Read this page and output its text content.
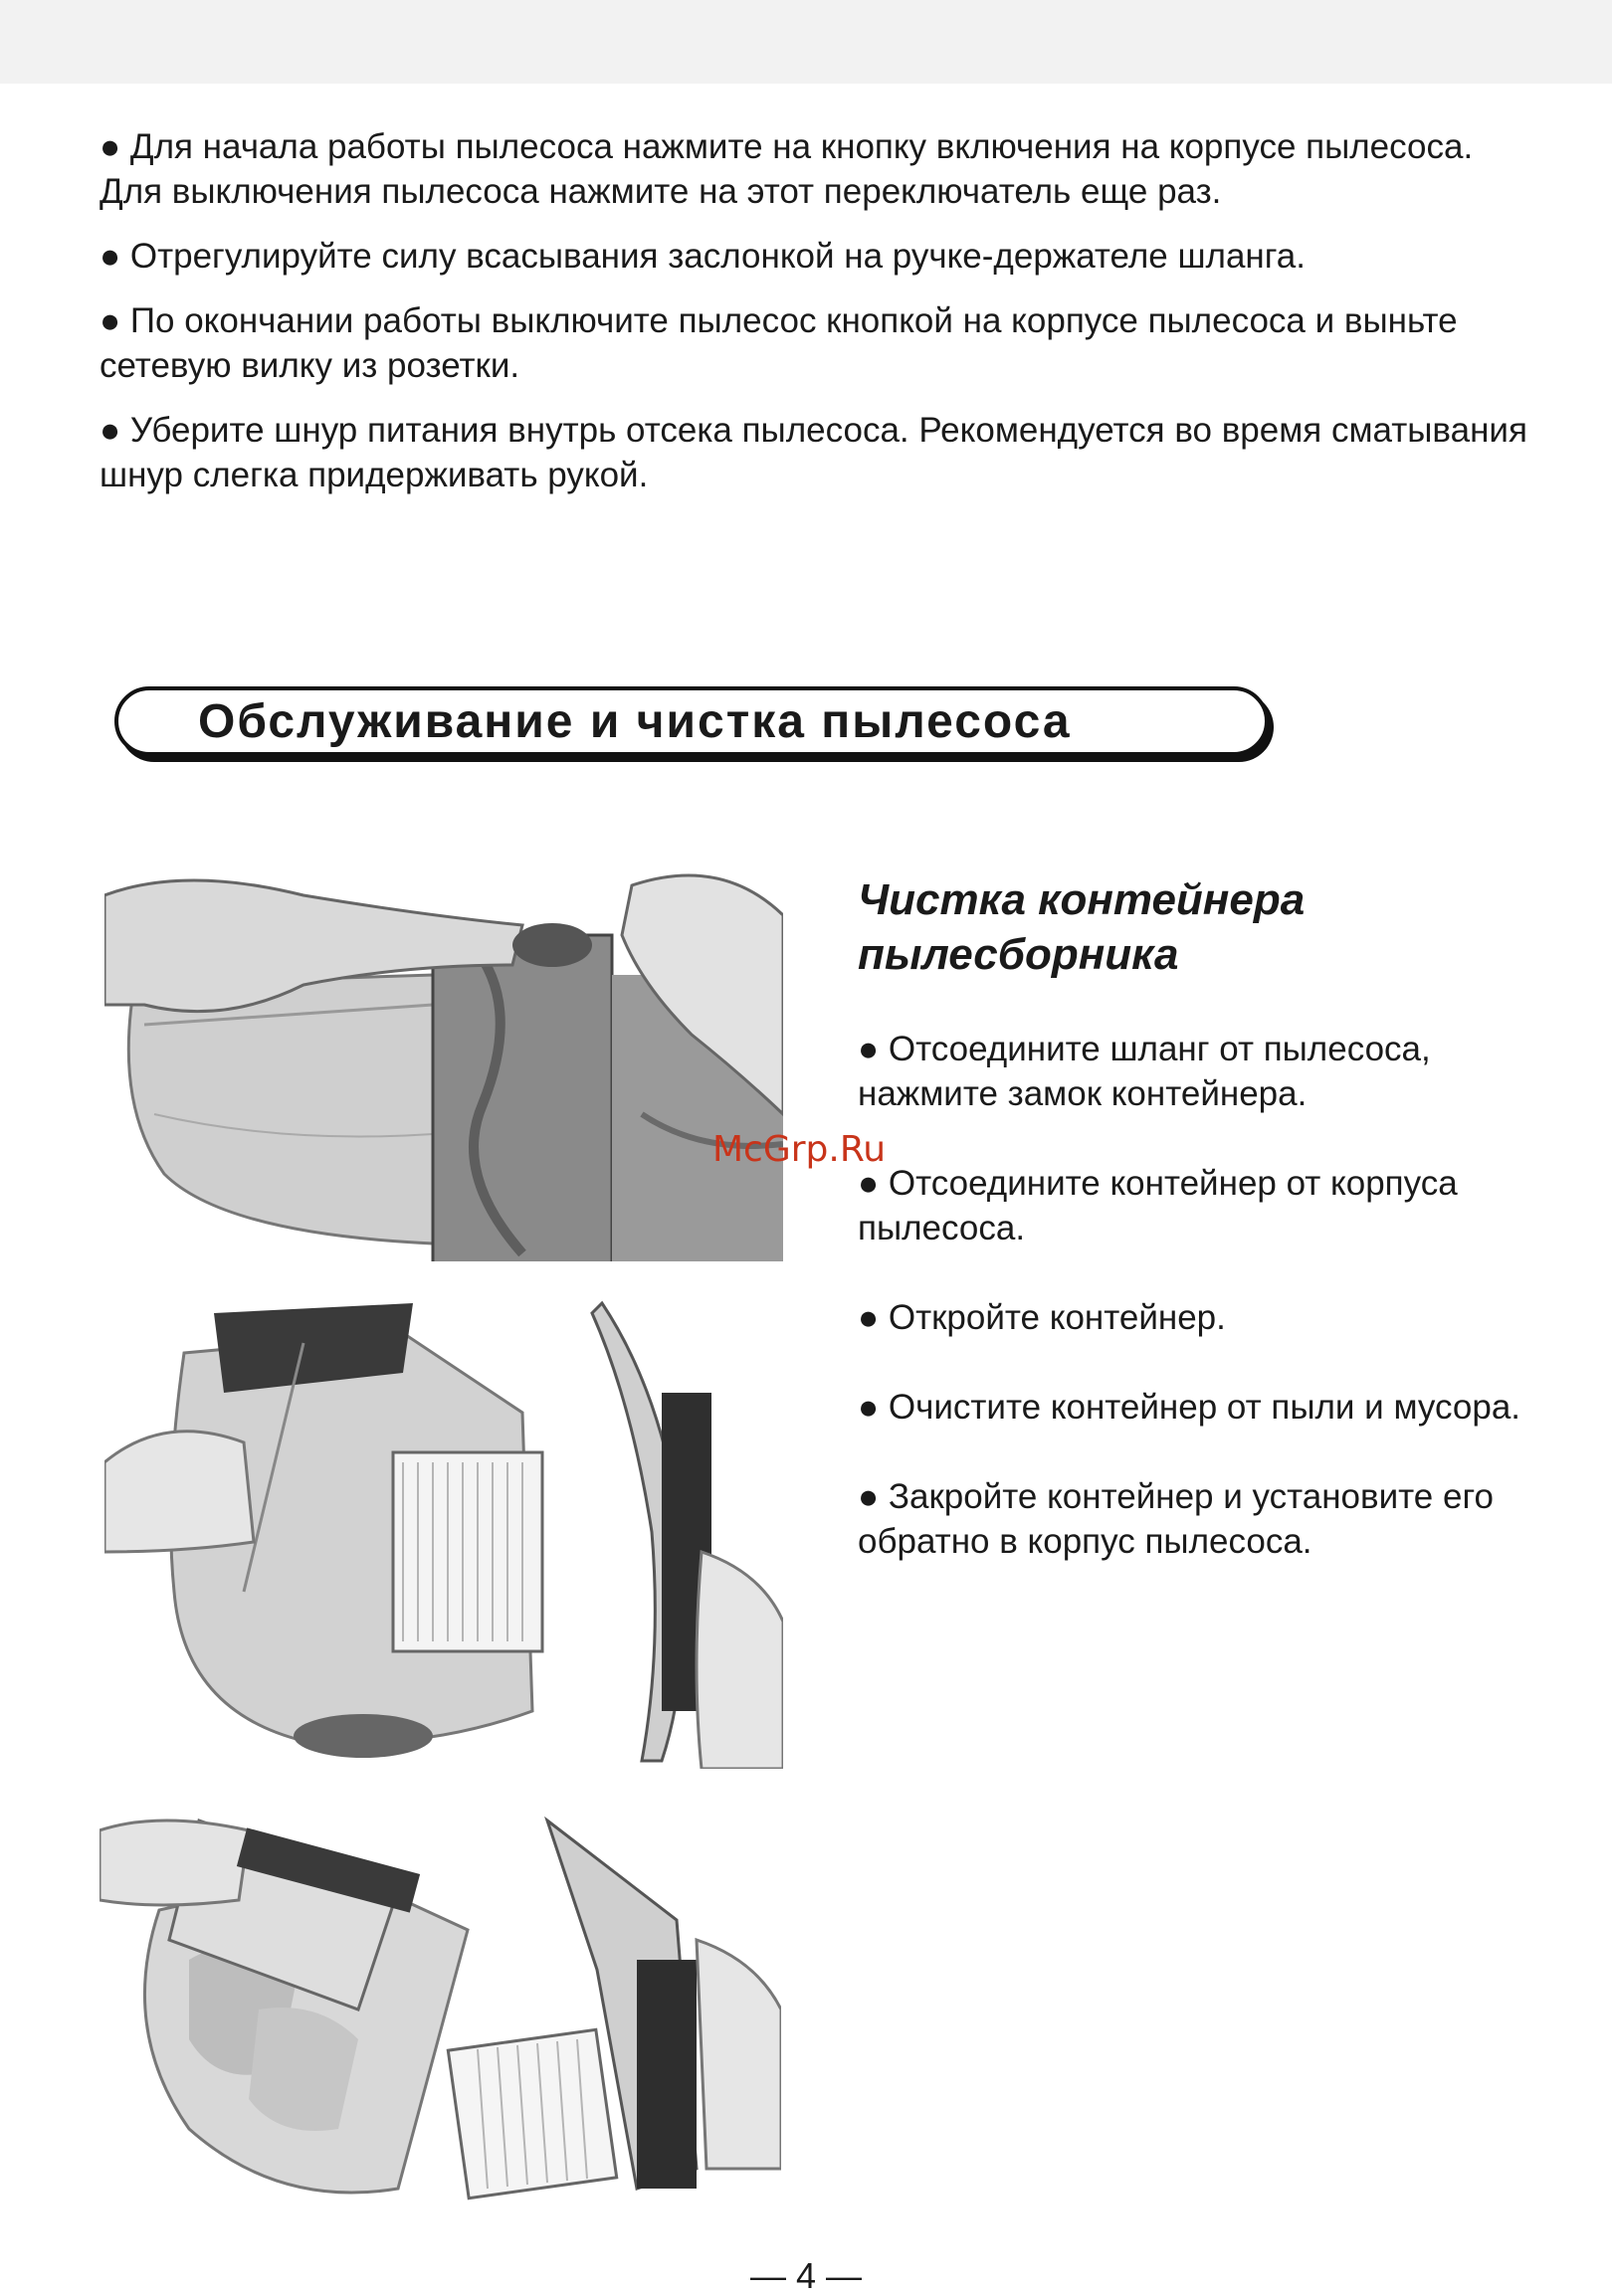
● Для начала работы пылесоса нажмите на кнопку включения на корпусе пылесоса. Для выключения пылесоса нажмите на этот переключатель еще раз.

● Отрегулируйте силу всасывания заслонкой на ручке-держателе шланга.

● По окончании работы выключите пылесос кнопкой на корпусе пылесоса и выньте сетевую вилку из розетки.

● Уберите шнур питания внутрь отсека пылесоса. Рекомендуется во время сматывания шнур слегка придерживать рукой.

Обслуживание и чистка пылесоса
Чистка контейнера пылесборника

● Отсоедините шланг от пылесоса, нажмите замок контейнера.

● Отсоедините контейнер от корпуса пылесоса.

● Откройте контейнер.

● Очистите контейнер от пыли и мусора.

● Закройте контейнер и установите его обратно в корпус пылесоса.

McGrp.Ru
— 4 —
